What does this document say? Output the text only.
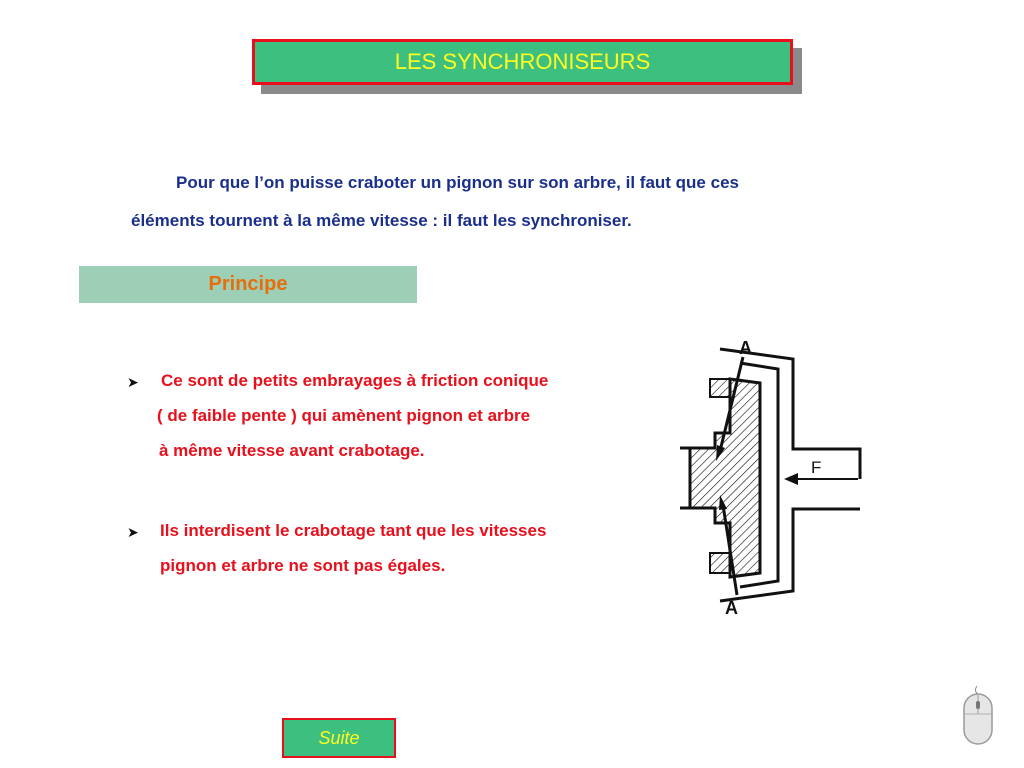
LES SYNCHRONISEURS
Pour que l’on puisse craboter un pignon sur son arbre, il faut que ces
éléments tournent à la même vitesse : il faut les synchroniser.
Principe
➤ Ce sont de petits embrayages à friction conique
( de faible pente ) qui amènent pignon et arbre
à même vitesse avant crabotage.
➤ Ils interdisent le crabotage tant que les vitesses
pignon et arbre ne sont pas égales.
A
A
F
Suite
